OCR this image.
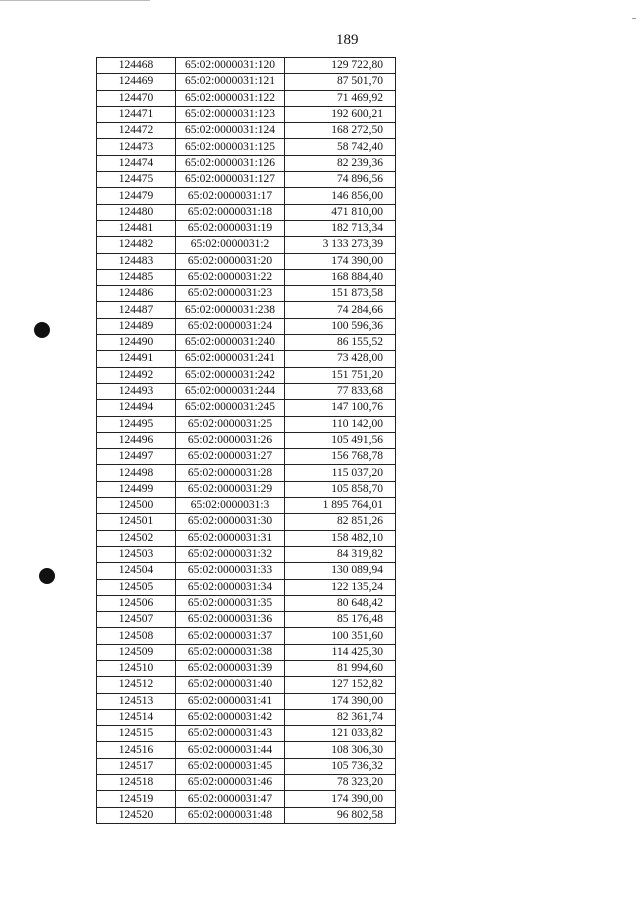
189
124468	65:02:0000031:120	129 722,80
124469	65:02:0000031:121	87 501,70
124470	65:02:0000031:122	71 469,92
124471	65:02:0000031:123	192 600,21
124472	65:02:0000031:124	168 272,50
124473	65:02:0000031:125	58 742,40
124474	65:02:0000031:126	82 239,36
124475	65:02:0000031:127	74 896,56
124479	65:02:0000031:17	146 856,00
124480	65:02:0000031:18	471 810,00
124481	65:02:0000031:19	182 713,34
124482	65:02:0000031:2	3 133 273,39
124483	65:02:0000031:20	174 390,00
124485	65:02:0000031:22	168 884,40
124486	65:02:0000031:23	151 873,58
124487	65:02:0000031:238	74 284,66
124489	65:02:0000031:24	100 596,36
124490	65:02:0000031:240	86 155,52
124491	65:02:0000031:241	73 428,00
124492	65:02:0000031:242	151 751,20
124493	65:02:0000031:244	77 833,68
124494	65:02:0000031:245	147 100,76
124495	65:02:0000031:25	110 142,00
124496	65:02:0000031:26	105 491,56
124497	65:02:0000031:27	156 768,78
124498	65:02:0000031:28	115 037,20
124499	65:02:0000031:29	105 858,70
124500	65:02:0000031:3	1 895 764,01
124501	65:02:0000031:30	82 851,26
124502	65:02:0000031:31	158 482,10
124503	65:02:0000031:32	84 319,82
124504	65:02:0000031:33	130 089,94
124505	65:02:0000031:34	122 135,24
124506	65:02:0000031:35	80 648,42
124507	65:02:0000031:36	85 176,48
124508	65:02:0000031:37	100 351,60
124509	65:02:0000031:38	114 425,30
124510	65:02:0000031:39	81 994,60
124512	65:02:0000031:40	127 152,82
124513	65:02:0000031:41	174 390,00
124514	65:02:0000031:42	82 361,74
124515	65:02:0000031:43	121 033,82
124516	65:02:0000031:44	108 306,30
124517	65:02:0000031:45	105 736,32
124518	65:02:0000031:46	78 323,20
124519	65:02:0000031:47	174 390,00
124520	65:02:0000031:48	96 802,58
